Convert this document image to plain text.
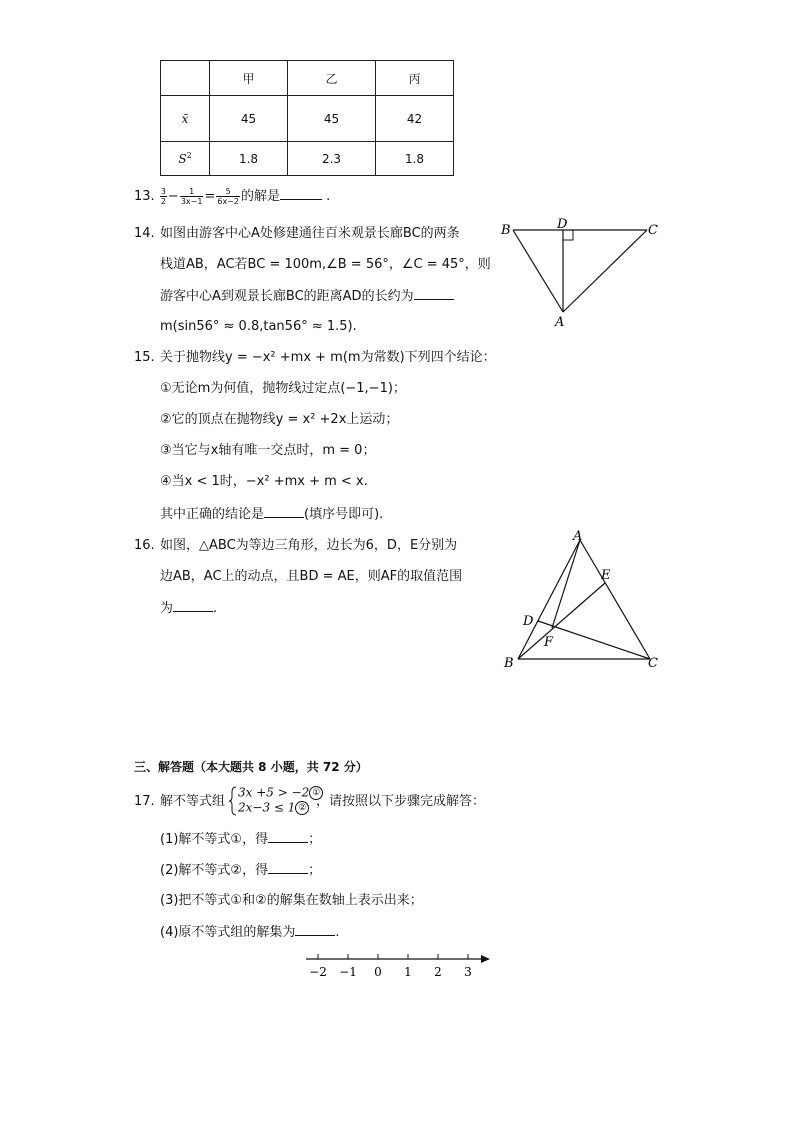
	甲	乙	丙
x̄	45	45	42
$S^2$	1.8	2.3	1.8
13. $\frac{3}{2} - \frac{1}{3x-1} = \frac{5}{6x-2}$ 的解是	.
14. 如图由游客中心A处修建通往百米观景长廊BC的两条
栈道AB，AC若BC = 100m,∠B = 56°，∠C = 45°，则
游客中心A到观景长廊BC的距离AD的长约为
m(sin56° ≈ 0.8,tan56° ≈ 1.5).
B	D	C
A
15. 关于抛物线y = −x² +mx + m(m为常数)下列四个结论：
①无论m为何值，抛物线过定点(−1,−1)；
②它的顶点在抛物线y = x² +2x上运动；
③当它与x轴有唯一交点时，m = 0；
④当x < 1时，−x² +mx + m < x.
其中正确的结论是	(填序号即可).
16. 如图，△ABC为等边三角形，边长为6，D，E分别为
边AB，AC上的动点，且BD = AE，则AF的取值范围
为	.
A
E
D
F
B	C
三、解答题（本大题共 8 小题，共 72 分）
17. 解不等式组
3x +5 > −2 ①
2x−3 ≤ 1 ② ，请按照以下步骤完成解答：
(1)解不等式①，得	；
(2)解不等式②，得	；
(3)把不等式①和②的解集在数轴上表示出来；
(4)原不等式组的解集为	.
−2 −1 0 1 2 3
